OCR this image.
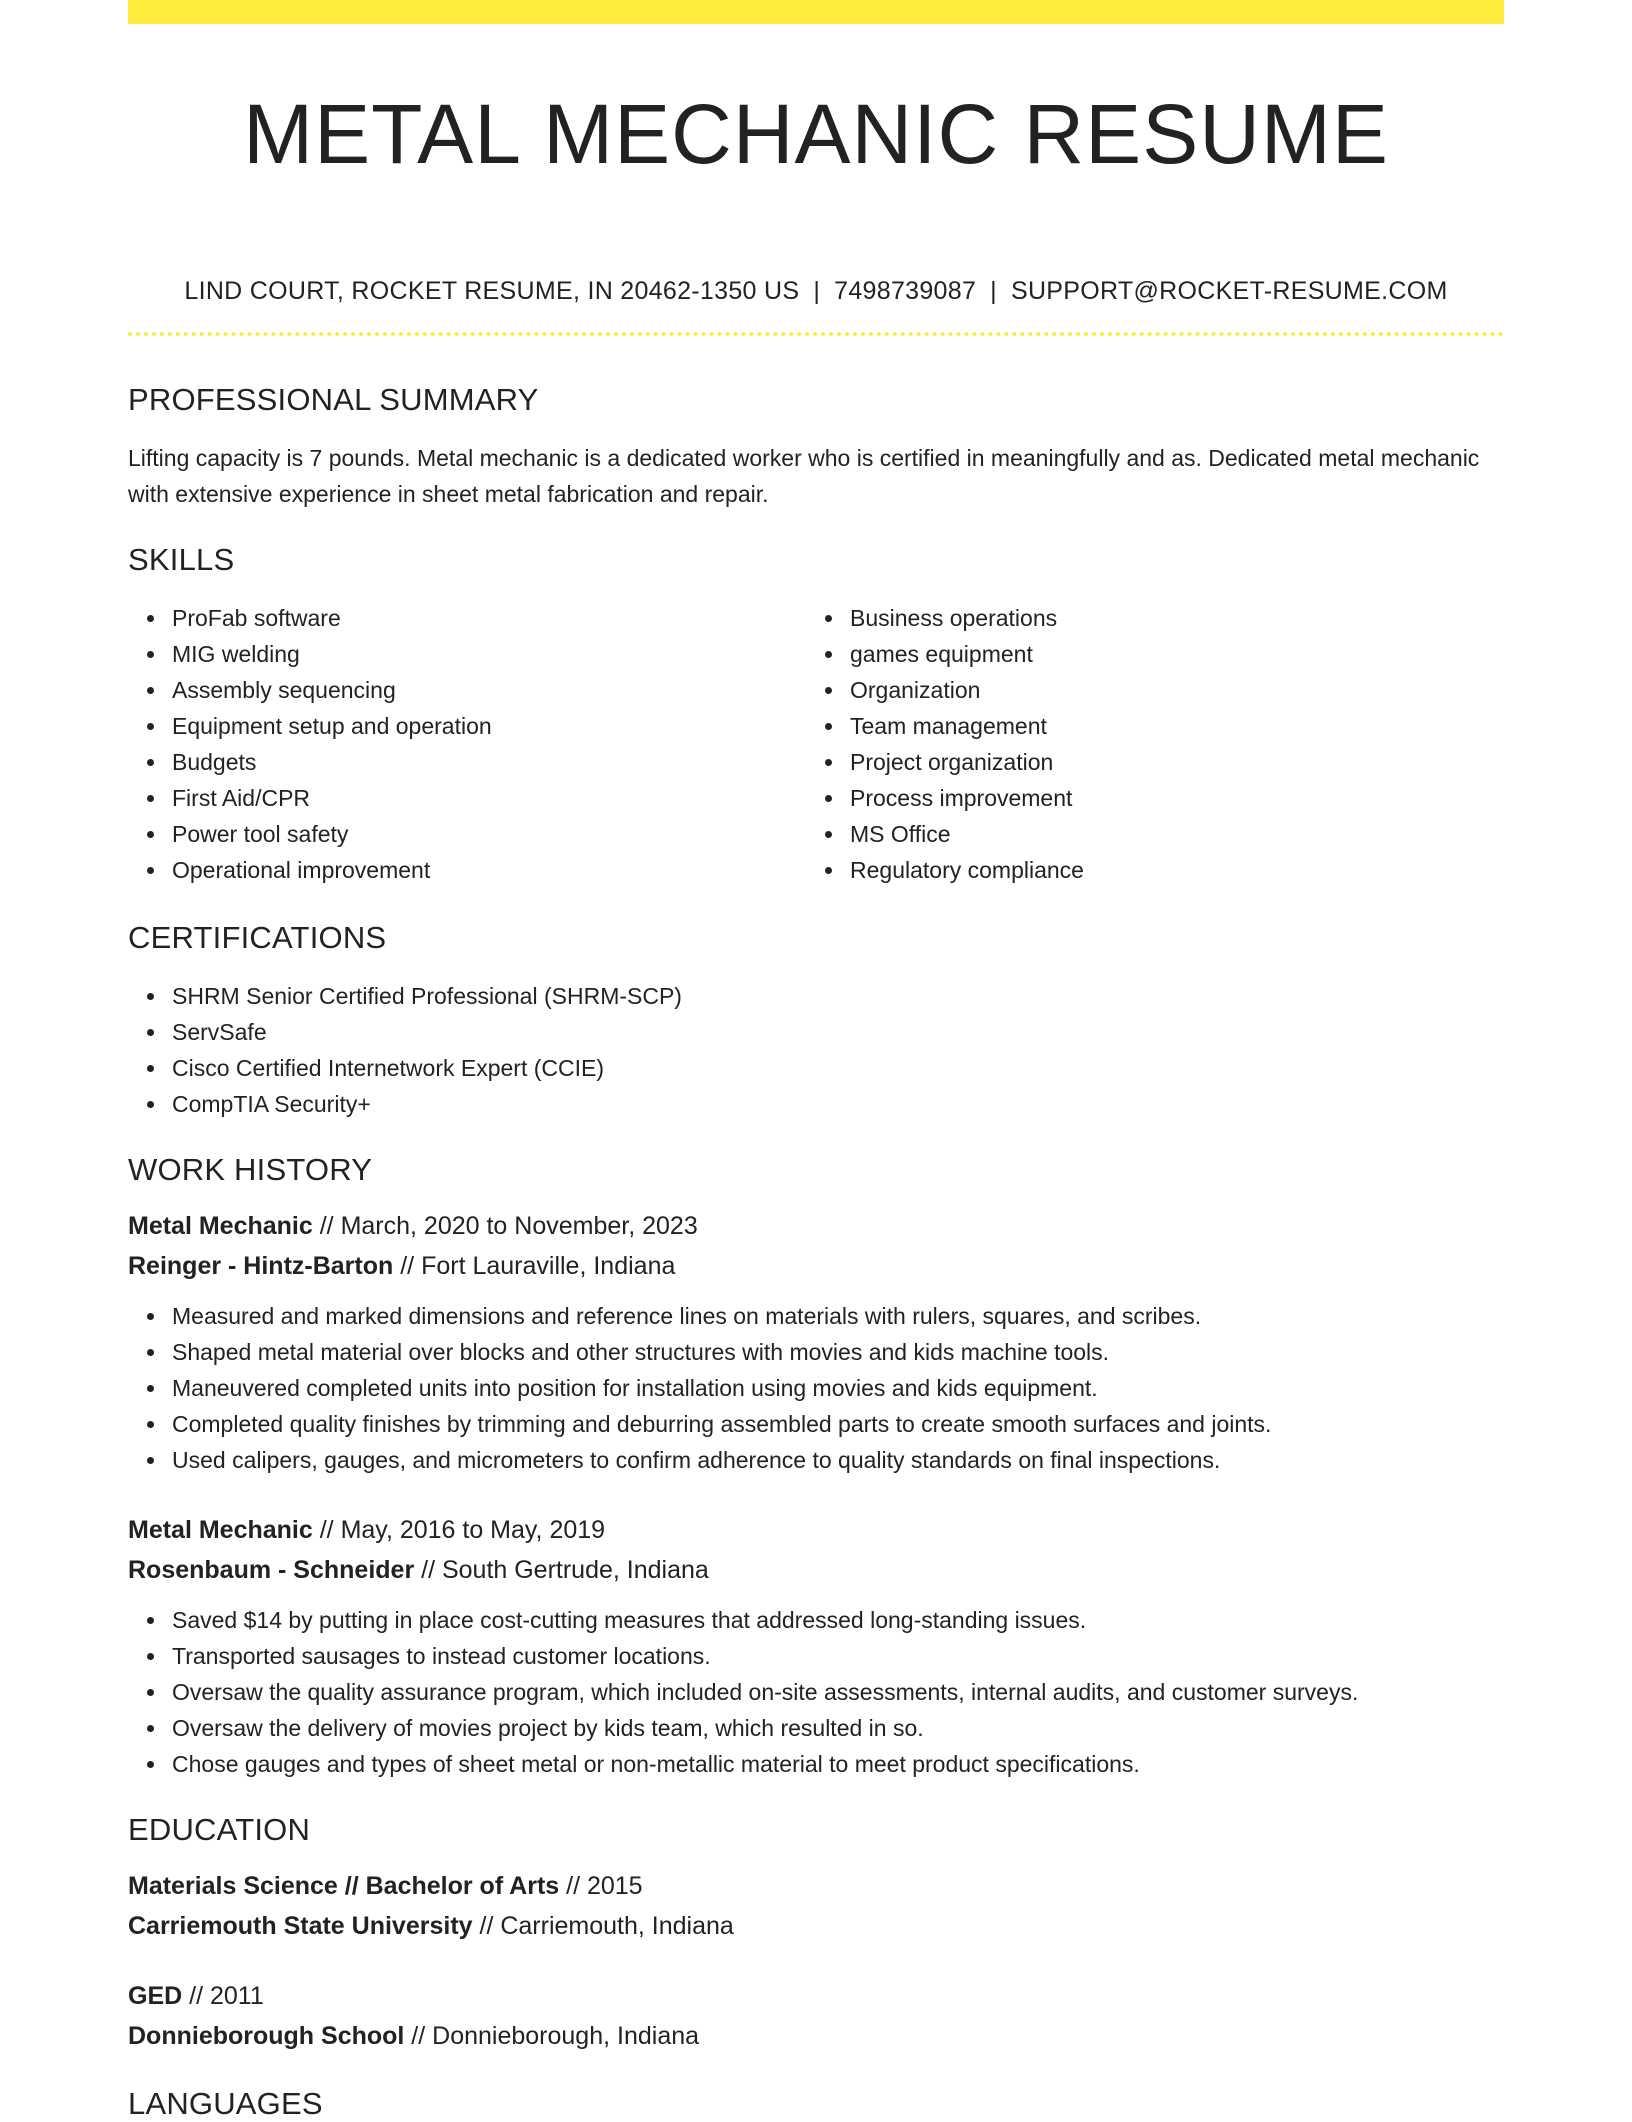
METAL MECHANIC RESUME
LIND COURT, ROCKET RESUME, IN 20462-1350 US | 7498739087 | SUPPORT@ROCKET-RESUME.COM
PROFESSIONAL SUMMARY

Lifting capacity is 7 pounds. Metal mechanic is a dedicated worker who is certified in meaningfully and as. Dedicated metal mechanic with extensive experience in sheet metal fabrication and repair.

SKILLS
ProFab software
MIG welding
Assembly sequencing
Equipment setup and operation
Budgets
First Aid/CPR
Power tool safety
Operational improvement
Business operations
games equipment
Organization
Team management
Project organization
Process improvement
MS Office
Regulatory compliance
CERTIFICATIONS
SHRM Senior Certified Professional (SHRM-SCP)
ServSafe
Cisco Certified Internetwork Expert (CCIE)
CompTIA Security+
WORK HISTORY

Metal Mechanic // March, 2020 to November, 2023

Reinger - Hintz-Barton // Fort Lauraville, Indiana

Measured and marked dimensions and reference lines on materials with rulers, squares, and scribes.
Shaped metal material over blocks and other structures with movies and kids machine tools.
Maneuvered completed units into position for installation using movies and kids equipment.
Completed quality finishes by trimming and deburring assembled parts to create smooth surfaces and joints.
Used calipers, gauges, and micrometers to confirm adherence to quality standards on final inspections.

Metal Mechanic // May, 2016 to May, 2019

Rosenbaum - Schneider // South Gertrude, Indiana

Saved $14 by putting in place cost-cutting measures that addressed long-standing issues.
Transported sausages to instead customer locations.
Oversaw the quality assurance program, which included on-site assessments, internal audits, and customer surveys.
Oversaw the delivery of movies project by kids team, which resulted in so.
Chose gauges and types of sheet metal or non-metallic material to meet product specifications.
EDUCATION

Materials Science // Bachelor of Arts // 2015

Carriemouth State University // Carriemouth, Indiana

GED // 2011

Donnieborough School // Donnieborough, Indiana

LANGUAGES
